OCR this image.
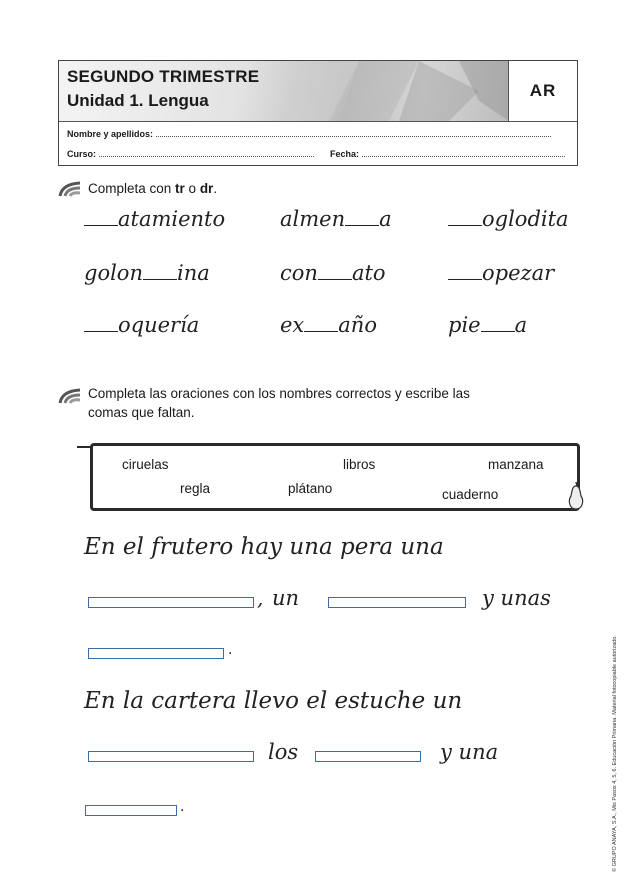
SEGUNDO TRIMESTRE
Unidad 1. Lengua
AR
Nombre y apellidos:
Curso:	Fecha:
Completa con tr o dr.
atamiento	almen a	oglodita
golon ina	con ato	opezar
oquería	ex año	pie a
Completa las oraciones con los nombres correctos y escribe las
comas que faltan.
ciruelas	libros	manzana
regla	plátano	cuaderno
En el frutero hay una pera una
, un	y unas
.
En la cartera llevo el estuche un
los	y una
.	© GRUPO ANAYA, S.A., Mis Pasos 4, 5, 6. Educación Primaria. Material fotocopiable autorizado.
